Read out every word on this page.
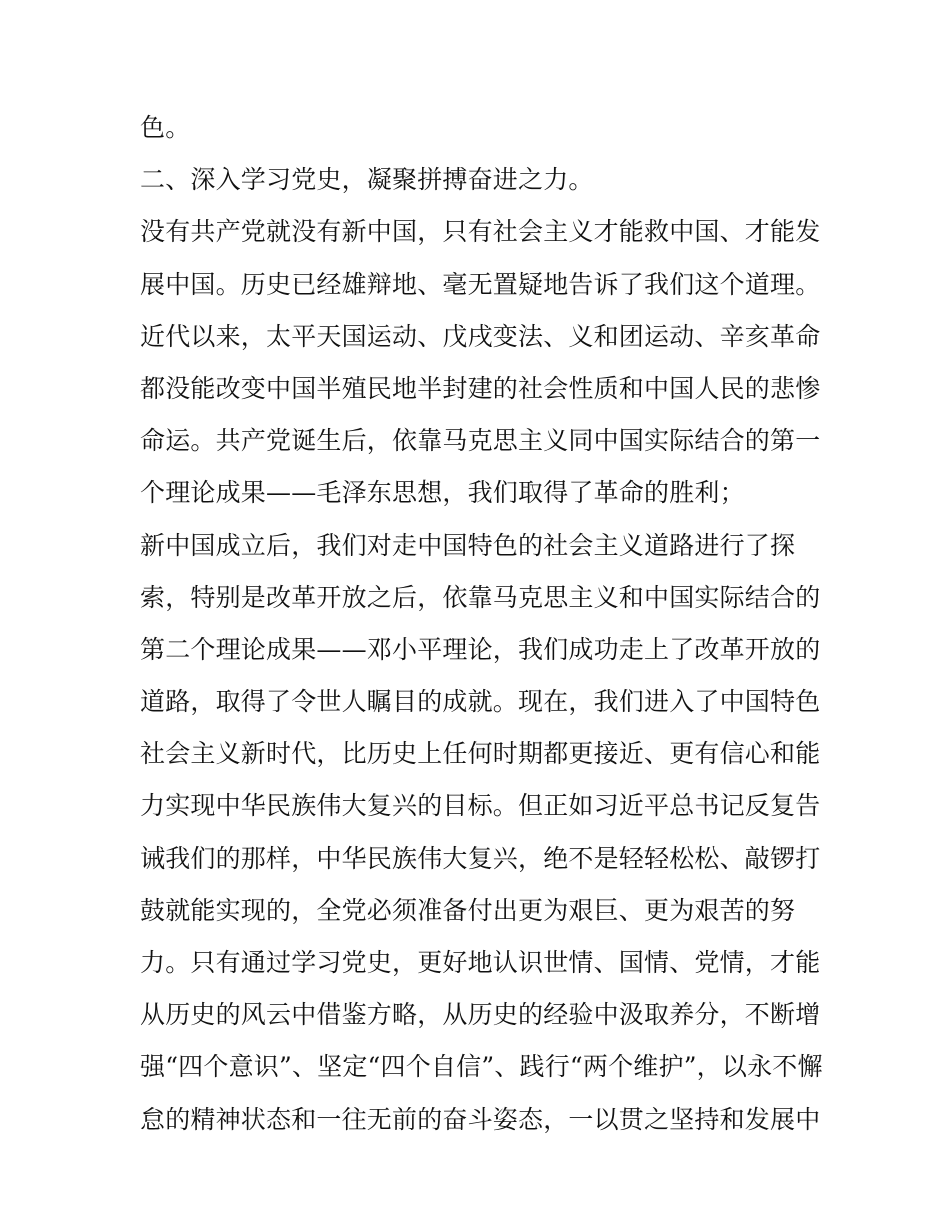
色。
二、深入学习党史，凝聚拼搏奋进之力。
没有共产党就没有新中国，只有社会主义才能救中国、才能发
展中国。历史已经雄辩地、毫无置疑地告诉了我们这个道理。
近代以来，太平天国运动、戊戌变法、义和团运动、辛亥革命
都没能改变中国半殖民地半封建的社会性质和中国人民的悲惨
命运。共产党诞生后，依靠马克思主义同中国实际结合的第一
个理论成果——毛泽东思想，我们取得了革命的胜利；
新中国成立后，我们对走中国特色的社会主义道路进行了探
索，特别是改革开放之后，依靠马克思主义和中国实际结合的
第二个理论成果——邓小平理论，我们成功走上了改革开放的
道路，取得了令世人瞩目的成就。现在，我们进入了中国特色
社会主义新时代，比历史上任何时期都更接近、更有信心和能
力实现中华民族伟大复兴的目标。但正如习近平总书记反复告
诫我们的那样，中华民族伟大复兴，绝不是轻轻松松、敲锣打
鼓就能实现的，全党必须准备付出更为艰巨、更为艰苦的努
力。只有通过学习党史，更好地认识世情、国情、党情，才能
从历史的风云中借鉴方略，从历史的经验中汲取养分，不断增
强“四个意识”、坚定“四个自信”、践行“两个维护”，以永不懈
怠的精神状态和一往无前的奋斗姿态，一以贯之坚持和发展中
